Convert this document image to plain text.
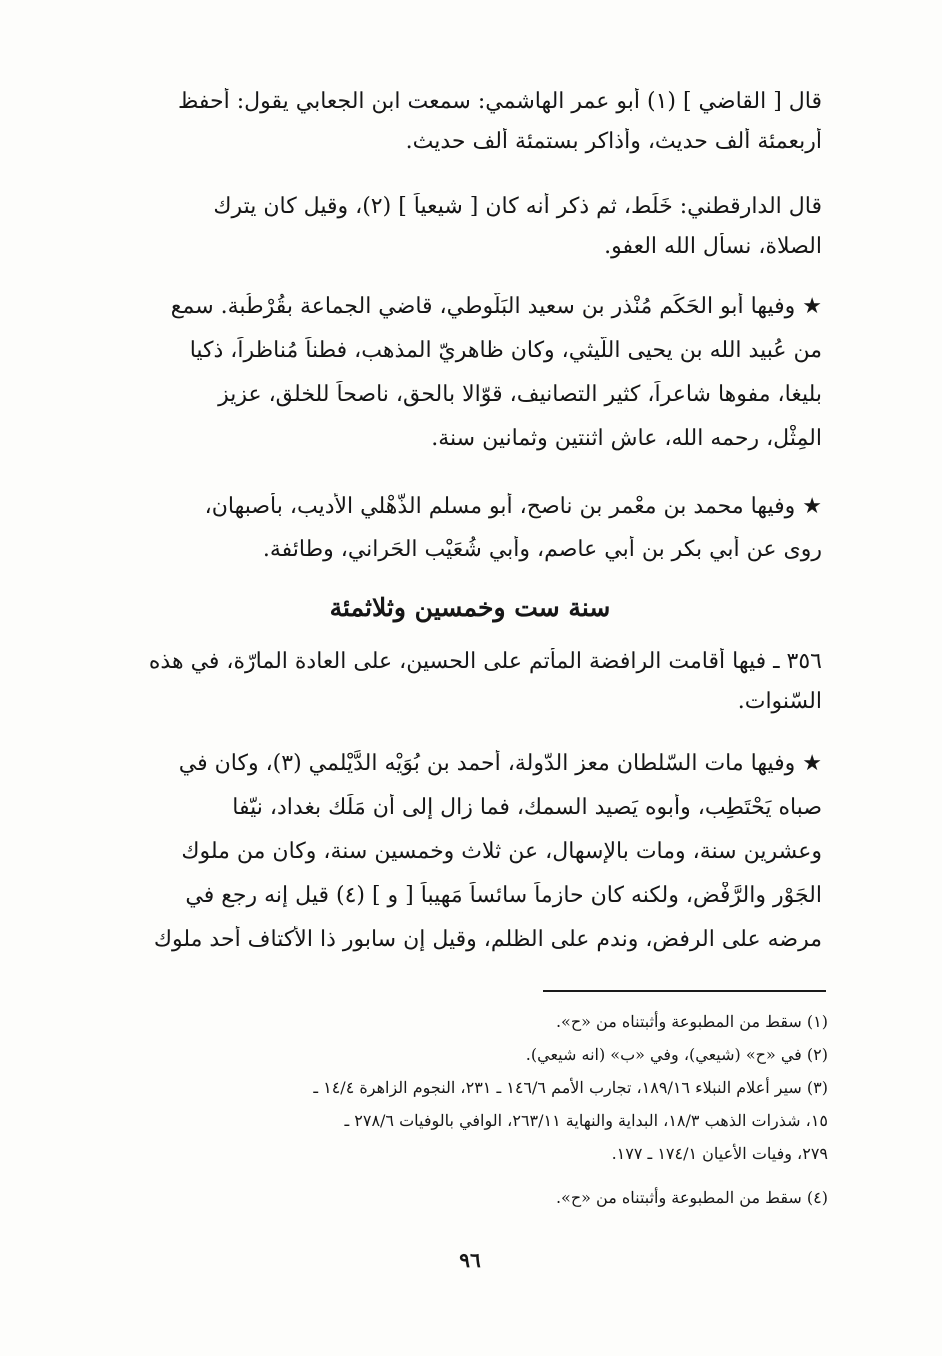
قال [ القاضي ] (١) أبو عمر الهاشمي: سمعت ابن الجعابي يقول: أحفظ
أربعمئة ألف حديث، وأذاكر بستمئة ألف حديث.
قال الدارقطني: خَلَط، ثم ذكر أنه كان [ شيعياً ] (٢)، وقيل كان يترك
الصلاة، نسأل الله العفو.
★ وفيها أبو الحَكَم مُنْذر بن سعيد البَلّوطي، قاضي الجماعة بقُرْطُبة. سمع
من عُبيد الله بن يحيى اللَّيثي، وكان ظاهريّ المذهب، فطناً مُناظراً، ذكيا
بليغا، مفوها شاعراً، كثير التصانيف، قوّالا بالحق، ناصحاً للخلق، عزيز
المِثْل، رحمه الله، عاش اثنتين وثمانين سنة.
★ وفيها محمد بن معْمر بن ناصح، أبو مسلم الذُّهْلي الأديب، بأصبهان،
روى عن أبي بكر بن أبي عاصم، وأبي شُعَيْب الحَراني، وطائفة.
سنة ست وخمسين وثلاثمئة
٣٥٦ ـ فيها أقامت الرافضة المأتم على الحسين، على العادة المارّة، في هذه
السّنوات.
★ وفيها مات السّلطان معز الدّولة، أحمد بن بُوَيْه الدَّيْلمي (٣)، وكان في
صباه يَحْتَطِب، وأبوه يَصيد السمك، فما زال إلى أن مَلَك بغداد، نيّفا
وعشرين سنة، ومات بالإسهال، عن ثلاث وخمسين سنة، وكان من ملوك
الجَوْر والرَّفْض، ولكنه كان حازماً سائساً مَهيباً [ و ] (٤) قيل إنه رجع في
مرضه على الرفض، وندم على الظلم، وقيل إن سابور ذا الأكتاف أحد ملوك
(١) سقط من المطبوعة وأثبتناه من «ح».
(٢) في «ح» (شيعي)، وفي «ب» (انه شيعي).
(٣) سير أعلام النبلاء ١٨٩/١٦، تجارب الأمم ١٤٦/٦ ـ ٢٣١، النجوم الزاهرة ١٤/٤ ـ
١٥، شذرات الذهب ١٨/٣، البداية والنهاية ٢٦٣/١١، الوافي بالوفيات ٢٧٨/٦ ـ
٢٧٩، وفيات الأعيان ١٧٤/١ ـ ١٧٧.
(٤) سقط من المطبوعة وأثبتناه من «ح».
٩٦
